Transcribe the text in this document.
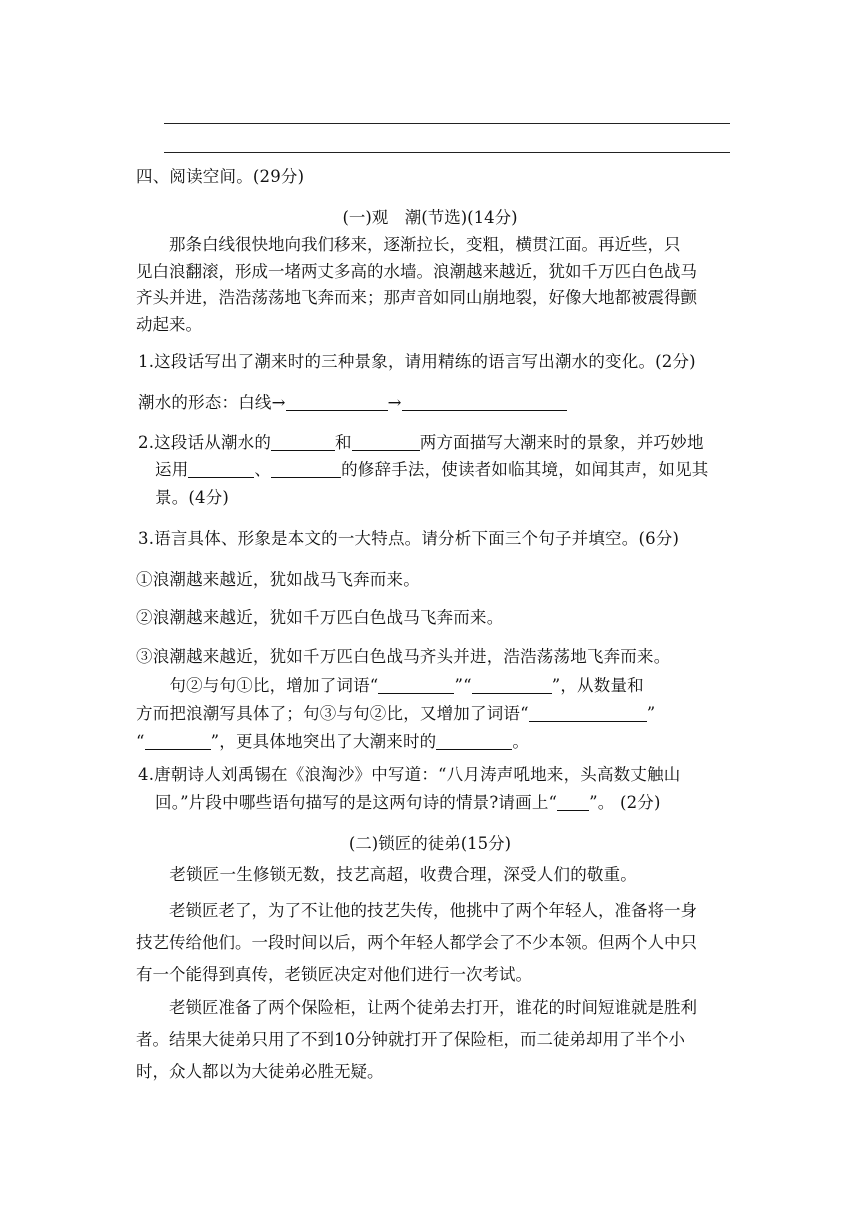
四、阅读空间。(29分)
(一)观　潮(节选)(14分)
　　那条白线很快地向我们移来，逐渐拉长，变粗，横贯江面。再近些，只
见白浪翻滚，形成一堵两丈多高的水墙。浪潮越来越近，犹如千万匹白色战马
齐头并进，浩浩荡荡地飞奔而来；那声音如同山崩地裂，好像大地都被震得颤
动起来。
1.这段话写出了潮来时的三种景象，请用精练的语言写出潮水的变化。(2分)
潮水的形态：白线→	→
2.这段话从潮水的	和	两方面描写大潮来时的景象，并巧妙地
运用	、	的修辞手法，使读者如临其境，如闻其声，如见其
景。(4分)
3.语言具体、形象是本文的一大特点。请分析下面三个句子并填空。(6分)
①浪潮越来越近，犹如战马飞奔而来。
②浪潮越来越近，犹如千万匹白色战马飞奔而来。
③浪潮越来越近，犹如千万匹白色战马齐头并进，浩浩荡荡地飞奔而来。
　　句②与句①比，增加了词语“	”“	”，从数量和
方而把浪潮写具体了；句③与句②比，又增加了词语“	”
“	”，更具体地突出了大潮来时的	。
4.唐朝诗人刘禹锡在《浪淘沙》中写道：“八月涛声吼地来，头高数丈触山
回。”片段中哪些语句描写的是这两句诗的情景?请画上“ ”。 (2分)
(二)锁匠的徒弟(15分)
　　老锁匠一生修锁无数，技艺高超，收费合理，深受人们的敬重。
　　老锁匠老了，为了不让他的技艺失传，他挑中了两个年轻人，准备将一身
技艺传给他们。一段时间以后，两个年轻人都学会了不少本领。但两个人中只
有一个能得到真传，老锁匠决定对他们进行一次考试。
　　老锁匠准备了两个保险柜，让两个徒弟去打开，谁花的时间短谁就是胜利
者。结果大徒弟只用了不到10分钟就打开了保险柜，而二徒弟却用了半个小
时，众人都以为大徒弟必胜无疑。
